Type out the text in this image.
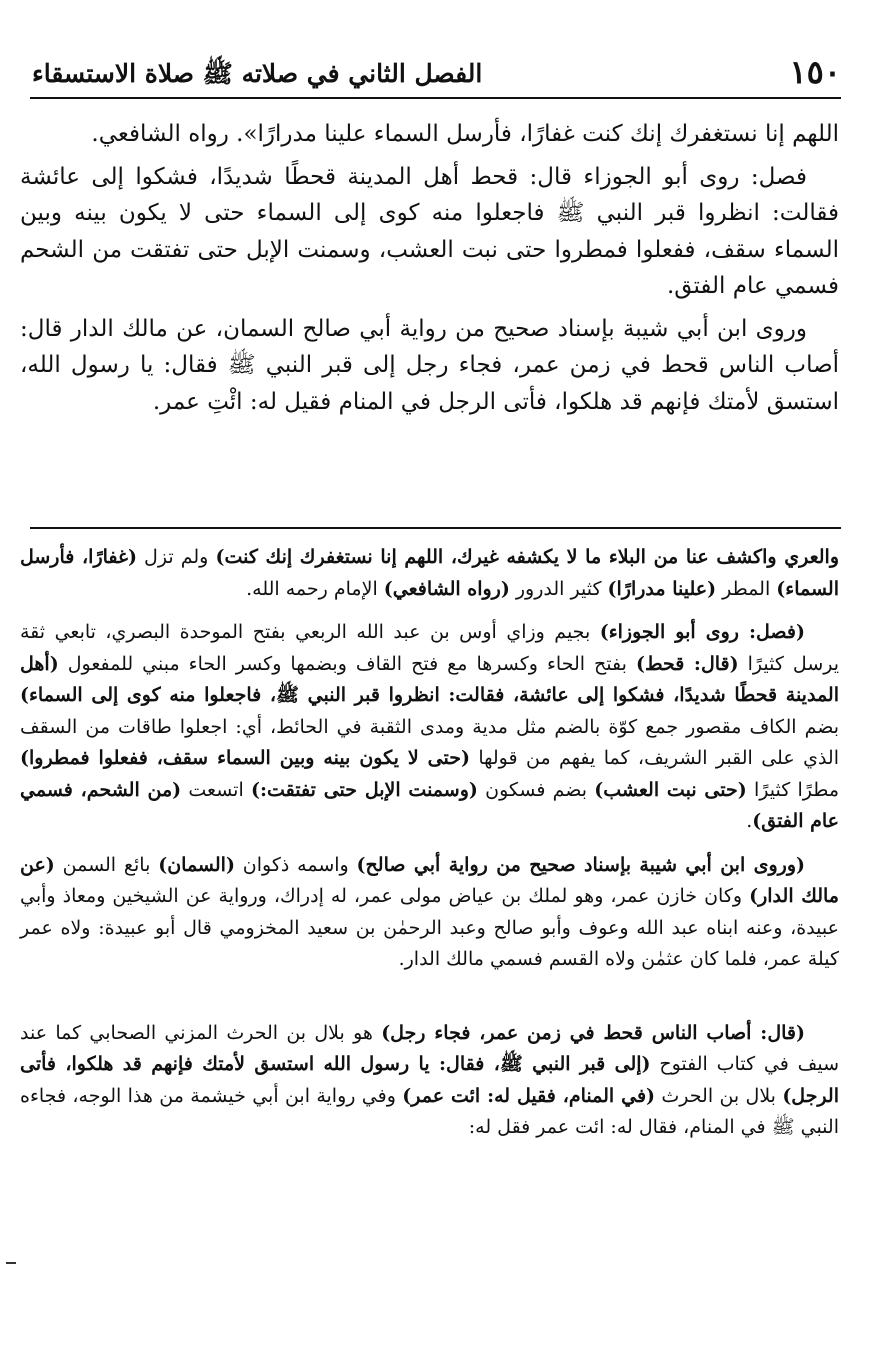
١٥٠
الفصل الثاني في صلاته ﷺ صلاة الاستسقاء

اللهم إنا نستغفرك إنك كنت غفارًا، فأرسل السماء علينا مدرارًا». رواه الشافعي.

فصل: روى أبو الجوزاء قال: قحط أهل المدينة قحطًا شديدًا، فشكوا إلى عائشة فقالت: انظروا قبر النبي ﷺ فاجعلوا منه كوى إلى السماء حتى لا يكون بينه وبين السماء سقف، ففعلوا فمطروا حتى نبت العشب، وسمنت الإبل حتى تفتقت من الشحم فسمي عام الفتق.

وروى ابن أبي شيبة بإسناد صحيح من رواية أبي صالح السمان، عن مالك الدار قال: أصاب الناس قحط في زمن عمر، فجاء رجل إلى قبر النبي ﷺ فقال: يا رسول الله، استسق لأمتك فإنهم قد هلكوا، فأتى الرجل في المنام فقيل له: ائْتِ عمر.

والعري واكشف عنا من البلاء ما لا يكشفه غيرك، اللهم إنا نستغفرك إنك كنت) ولم تزل (غفارًا، فأرسل السماء) المطر (علينا مدرارًا) كثير الدرور (رواه الشافعي) الإمام رحمه الله.

(فصل: روى أبو الجوزاء) بجيم وزاي أوس بن عبد الله الربعي بفتح الموحدة البصري، تابعي ثقة يرسل كثيرًا (قال: قحط) بفتح الحاء وكسرها مع فتح القاف وبضمها وكسر الحاء مبني للمفعول (أهل المدينة قحطًا شديدًا، فشكوا إلى عائشة، فقالت: انظروا قبر النبي ﷺ، فاجعلوا منه كوى إلى السماء) بضم الكاف مقصور جمع كوّة بالضم مثل مدية ومدى الثقبة في الحائط، أي: اجعلوا طاقات من السقف الذي على القبر الشريف، كما يفهم من قولها (حتى لا يكون بينه وبين السماء سقف، ففعلوا فمطروا) مطرًا كثيرًا (حتى نبت العشب) بضم فسكون (وسمنت الإبل حتى تفتقت:) اتسعت (من الشحم، فسمي عام الفتق).

(وروى ابن أبي شيبة بإسناد صحيح من رواية أبي صالح) واسمه ذكوان (السمان) بائع السمن (عن مالك الدار) وكان خازن عمر، وهو لملك بن عياض مولى عمر، له إدراك، ورواية عن الشيخين ومعاذ وأبي عبيدة، وعنه ابناه عبد الله وعوف وأبو صالح وعبد الرحمٰن بن سعيد المخزومي قال أبو عبيدة: ولاه عمر كيلة عمر، فلما كان عثمٰن ولاه القسم فسمي مالك الدار.

(قال: أصاب الناس قحط في زمن عمر، فجاء رجل) هو بلال بن الحرث المزني الصحابي كما عند سيف في كتاب الفتوح (إلى قبر النبي ﷺ، فقال: يا رسول الله استسق لأمتك فإنهم قد هلكوا، فأتى الرجل) بلال بن الحرث (في المنام، فقيل له: ائت عمر) وفي رواية ابن أبي خيشمة من هذا الوجه، فجاءه النبي ﷺ في المنام، فقال له: ائت عمر فقل له:
